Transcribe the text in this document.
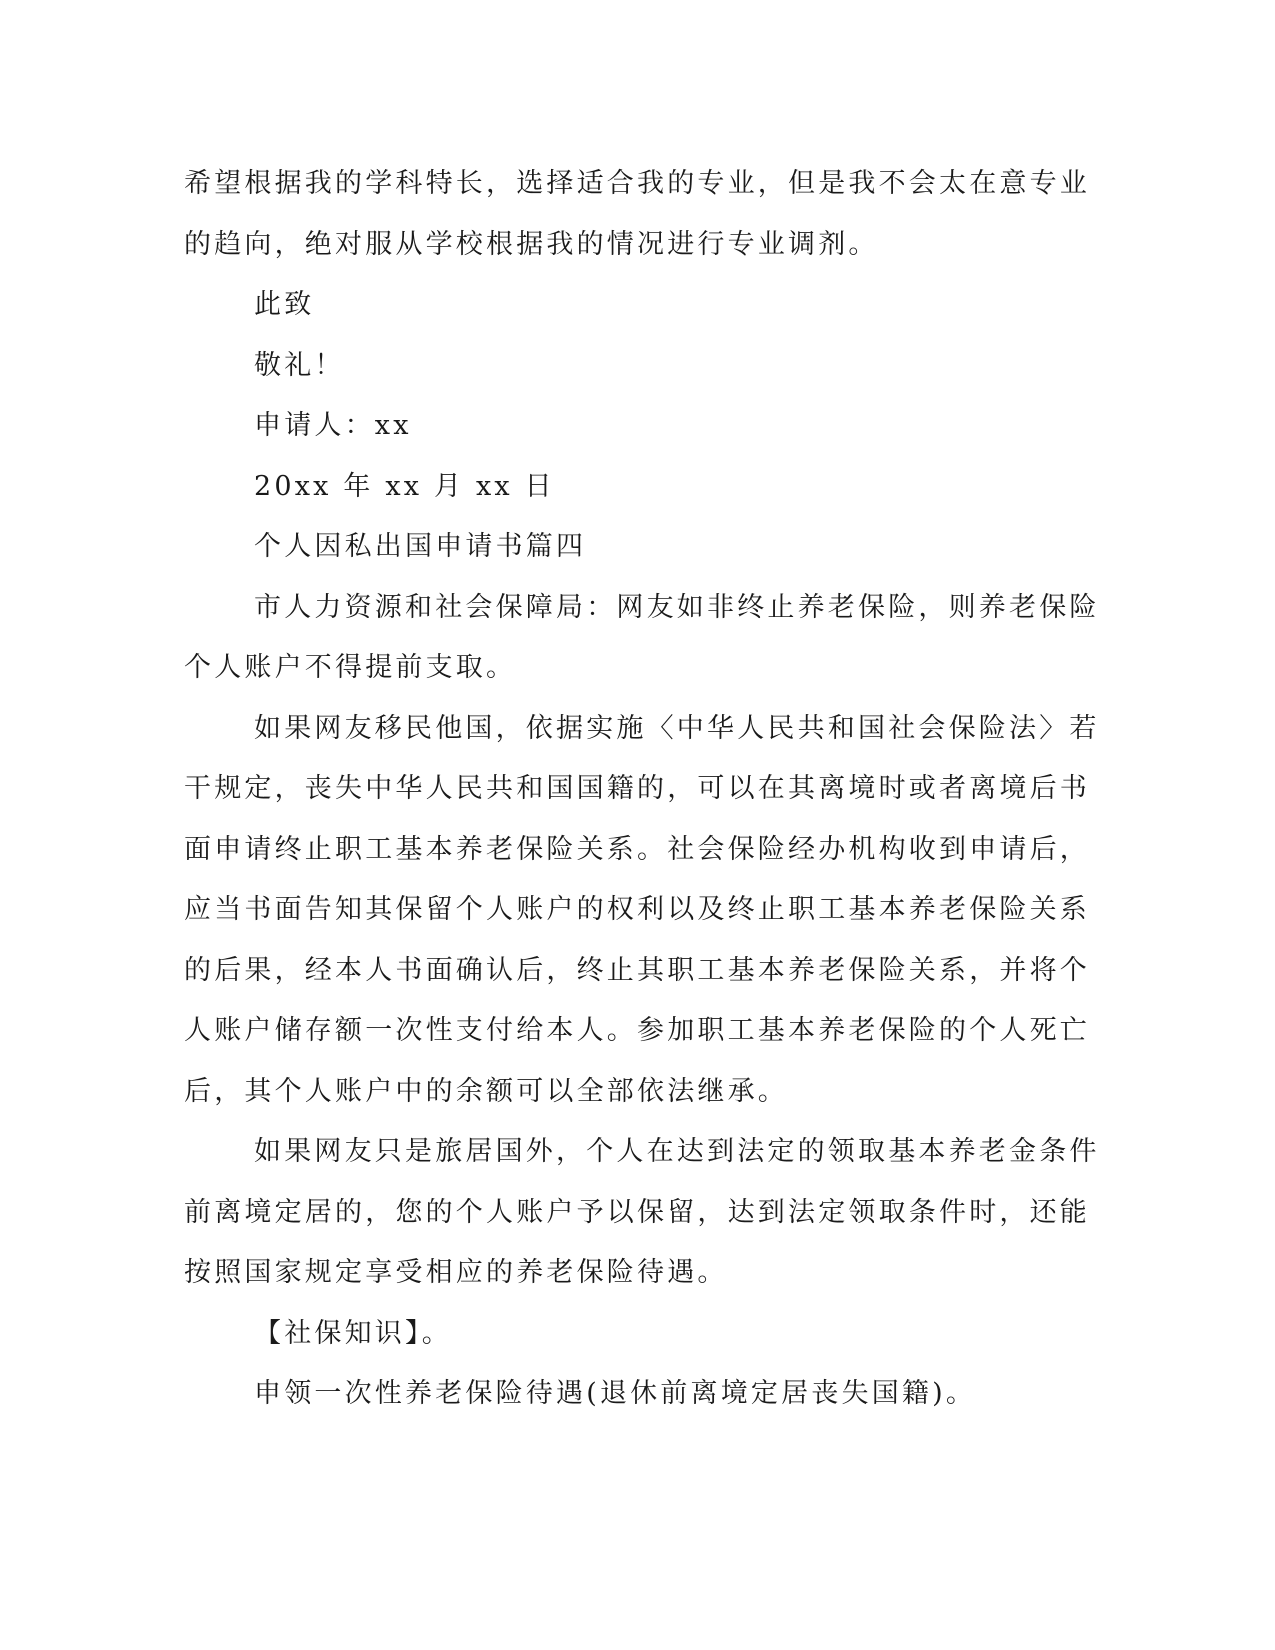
希望根据我的学科特长，选择适合我的专业，但是我不会太在意专业
的趋向，绝对服从学校根据我的情况进行专业调剂。
此致
敬礼！
申请人：xx
20xx 年 xx 月 xx 日
个人因私出国申请书篇四
市人力资源和社会保障局：网友如非终止养老保险，则养老保险
个人账户不得提前支取。
如果网友移民他国，依据实施〈中华人民共和国社会保险法〉若
干规定，丧失中华人民共和国国籍的，可以在其离境时或者离境后书
面申请终止职工基本养老保险关系。社会保险经办机构收到申请后，
应当书面告知其保留个人账户的权利以及终止职工基本养老保险关系
的后果，经本人书面确认后，终止其职工基本养老保险关系，并将个
人账户储存额一次性支付给本人。参加职工基本养老保险的个人死亡
后，其个人账户中的余额可以全部依法继承。
如果网友只是旅居国外，个人在达到法定的领取基本养老金条件
前离境定居的，您的个人账户予以保留，达到法定领取条件时，还能
按照国家规定享受相应的养老保险待遇。
【社保知识】。
申领一次性养老保险待遇(退休前离境定居丧失国籍)。
